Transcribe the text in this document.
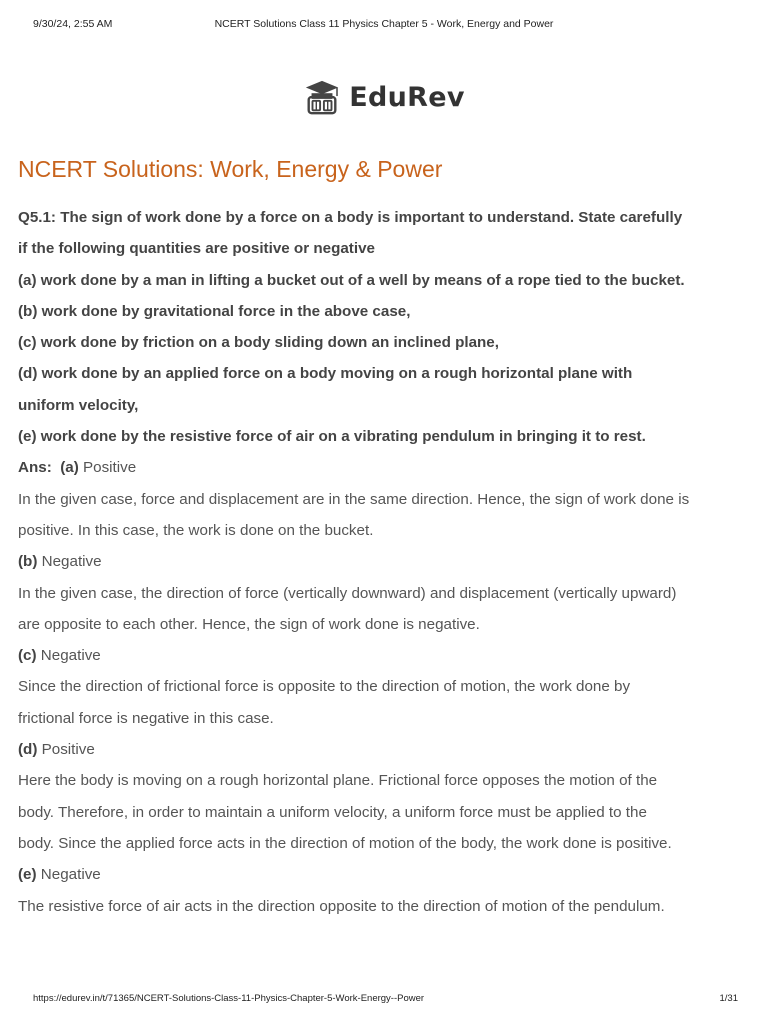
9/30/24, 2:55 AM	NCERT Solutions Class 11 Physics Chapter 5 - Work, Energy and Power
EduRev
NCERT Solutions: Work, Energy & Power

Q5.1: The sign of work done by a force on a body is important to understand. State carefully

if the following quantities are positive or negative

(a) work done by a man in lifting a bucket out of a well by means of a rope tied to the bucket.

(b) work done by gravitational force in the above case,

(c) work done by friction on a body sliding down an inclined plane,

(d) work done by an applied force on a body moving on a rough horizontal plane with

uniform velocity,

(e) work done by the resistive force of air on a vibrating pendulum in bringing it to rest.

Ans: (a) Positive

In the given case, force and displacement are in the same direction. Hence, the sign of work done is

positive. In this case, the work is done on the bucket.

(b) Negative

In the given case, the direction of force (vertically downward) and displacement (vertically upward)

are opposite to each other. Hence, the sign of work done is negative.

(c) Negative

Since the direction of frictional force is opposite to the direction of motion, the work done by

frictional force is negative in this case.

(d) Positive

Here the body is moving on a rough horizontal plane. Frictional force opposes the motion of the

body. Therefore, in order to maintain a uniform velocity, a uniform force must be applied to the

body. Since the applied force acts in the direction of motion of the body, the work done is positive.

(e) Negative

The resistive force of air acts in the direction opposite to the direction of motion of the pendulum.

https://edurev.in/t/71365/NCERT-Solutions-Class-11-Physics-Chapter-5-Work-Energy--Power	1/31
